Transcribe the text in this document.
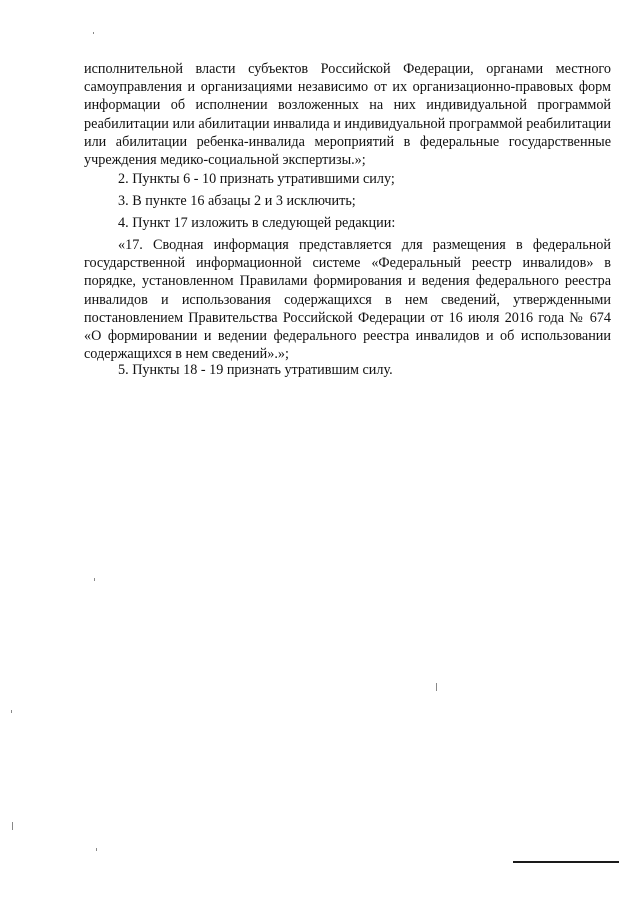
исполнительной власти субъектов Российской Федерации, органами местного самоуправления и организациями независимо от их организационно-правовых форм информации об исполнении возложенных на них индивидуальной программой реабилитации или абилитации инвалида и индивидуальной программой реабилитации или абилитации ребенка-инвалида мероприятий в федеральные государственные учреждения медико-социальной экспертизы.»;

2. Пункты 6 - 10 признать утратившими силу;

3. В пункте 16 абзацы 2 и 3 исключить;

4. Пункт 17 изложить в следующей редакции:

«17. Сводная информация представляется для размещения в федеральной государственной информационной системе «Федеральный реестр инвалидов» в порядке, установленном Правилами формирования и ведения федерального реестра инвалидов и использования содержащихся в нем сведений, утвержденными постановлением Правительства Российской Федерации от 16 июля 2016 года № 674 «О формировании и ведении федерального реестра инвалидов и об использовании содержащихся в нем сведений».»;

5. Пункты 18 - 19 признать утратившим силу.
